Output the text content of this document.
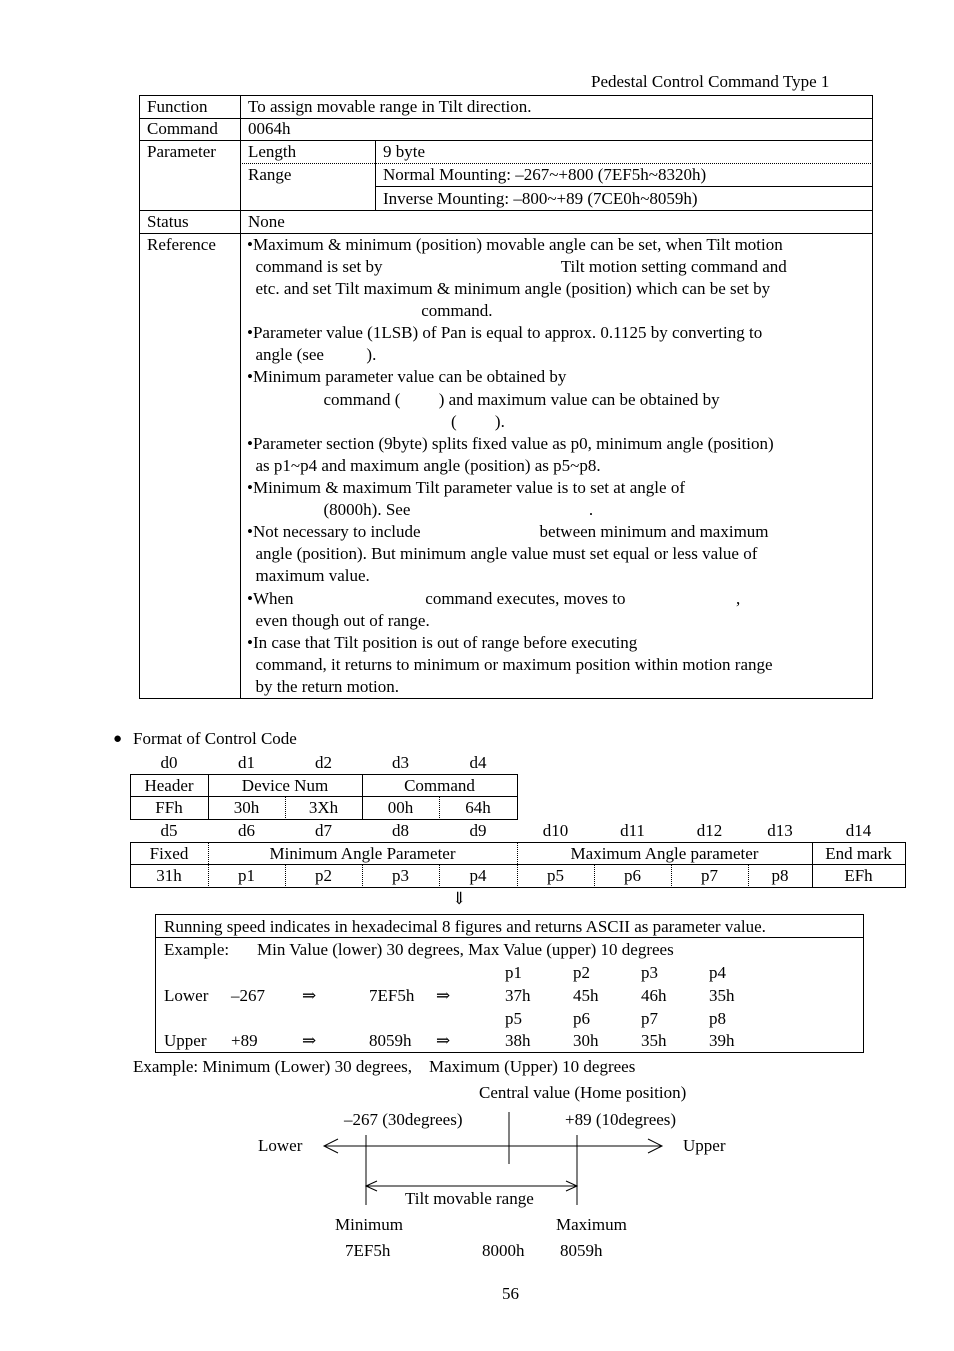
Pedestal Control Command Type 1
Function To assign movable range in Tilt direction.
Command 0064h
Parameter Length	9 byte
Range	Normal Mounting: –267~+800 (7EF5h~8320h)
Inverse Mounting: –800~+89 (7CE0h~8059h)
Status	None
Reference

•Maximum & minimum (position) movable angle can be set, when Tilt motion

command is set by                                          Tilt motion setting command and

etc. and set Tilt maximum & minimum angle (position) which can be set by

command.

•Parameter value (1LSB) of Pan is equal to approx. 0.1125 by converting to

angle (see          ).

•Minimum parameter value can be obtained by

command (         ) and maximum value can be obtained by

(         ).

•Parameter section (9byte) splits fixed value as p0, minimum angle (position)

as p1~p4 and maximum angle (position) as p5~p8.

•Minimum & maximum Tilt parameter value is to set at angle of

(8000h). See                                          .

•Not necessary to include                            between minimum and maximum

angle (position). But minimum angle value must set equal or less value of

maximum value.

•When                               command executes, moves to                          ,

even though out of range.

•In case that Tilt position is out of range before executing

command, it returns to minimum or maximum position within motion range

by the return motion.

● Format of Control Code
d0	d1	d2	d3	d4
Header	Device Num	Command
FFh	30h	3Xh	00h	64h
d5	d6	d7	d8	d9	d10	d11	d12	d13	d14
Fixed	Minimum Angle Parameter	Maximum Angle parameter	End mark
31h	p1	p2	p3	p4	p5	p6	p7	p8	EFh
⇓
Running speed indicates in hexadecimal 8 figures and returns ASCII as parameter value.
Example: Min Value (lower) 30 degrees, Max Value (upper) 10 degrees
p1	p2	p3	p4
Lower –267 ⇒	7EF5h ⇒	37h	45h	46h	35h
p5	p6	p7	p8
Upper +89	⇒	8059h ⇒	38h	30h	35h	39h
Example: Minimum (Lower) 30 degrees,    Maximum (Upper) 10 degrees
Central value (Home position)
–267 (30degrees)	+89 (10degrees)
Lower	Upper
Tilt movable range
Minimum	Maximum
7EF5h	8000h 8059h
56
